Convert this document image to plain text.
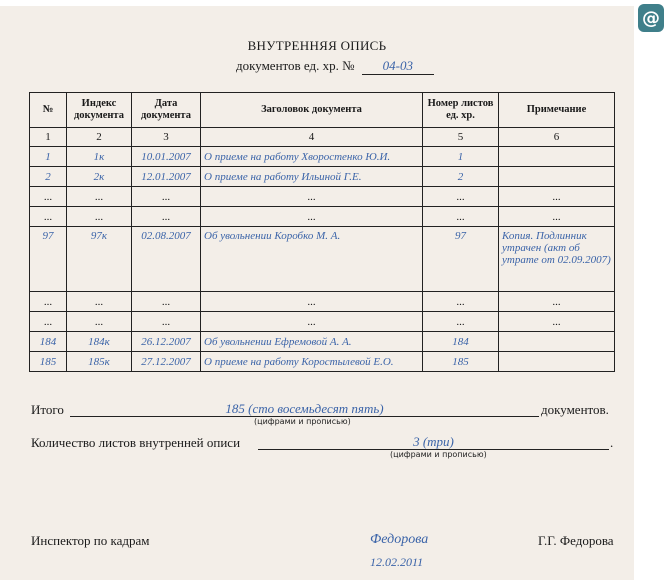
ВНУТРЕННЯЯ ОПИСЬ
документов ед. хр. № 04-03
№	Индекс документа	Дата документа	Заголовок документа	Номер листов ед. хр.	Примечание
1	2	3	4	5	6
1	1к	10.01.2007	О приеме на работу Хворостенко Ю.И.	1	
2	2к	12.01.2007	О приеме на работу Ильиной Г.Е.	2	
...	...	...	...	...	...
...	...	...	...	...	...
97	97к	02.08.2007	Об увольнении Коробко М. А.	97	Копия. Подлинник утрачен (акт об утрате от 02.09.2007)
...	...	...	...	...	...
...	...	...	...	...	...
184	184к	26.12.2007	Об увольнении Ефремовой А. А.	184	
185	185к	27.12.2007	О приеме на работу Коростылевой Е.О.	185	
Итого	185 (сто восемьдесят пять)
(цифрами и прописью)
документов.
Количество листов внутренней описи	3 (три)
(цифрами и прописью)
.
Инспектор по кадрам	Федорова
12.02.2011
Г.Г. Федорова
@
